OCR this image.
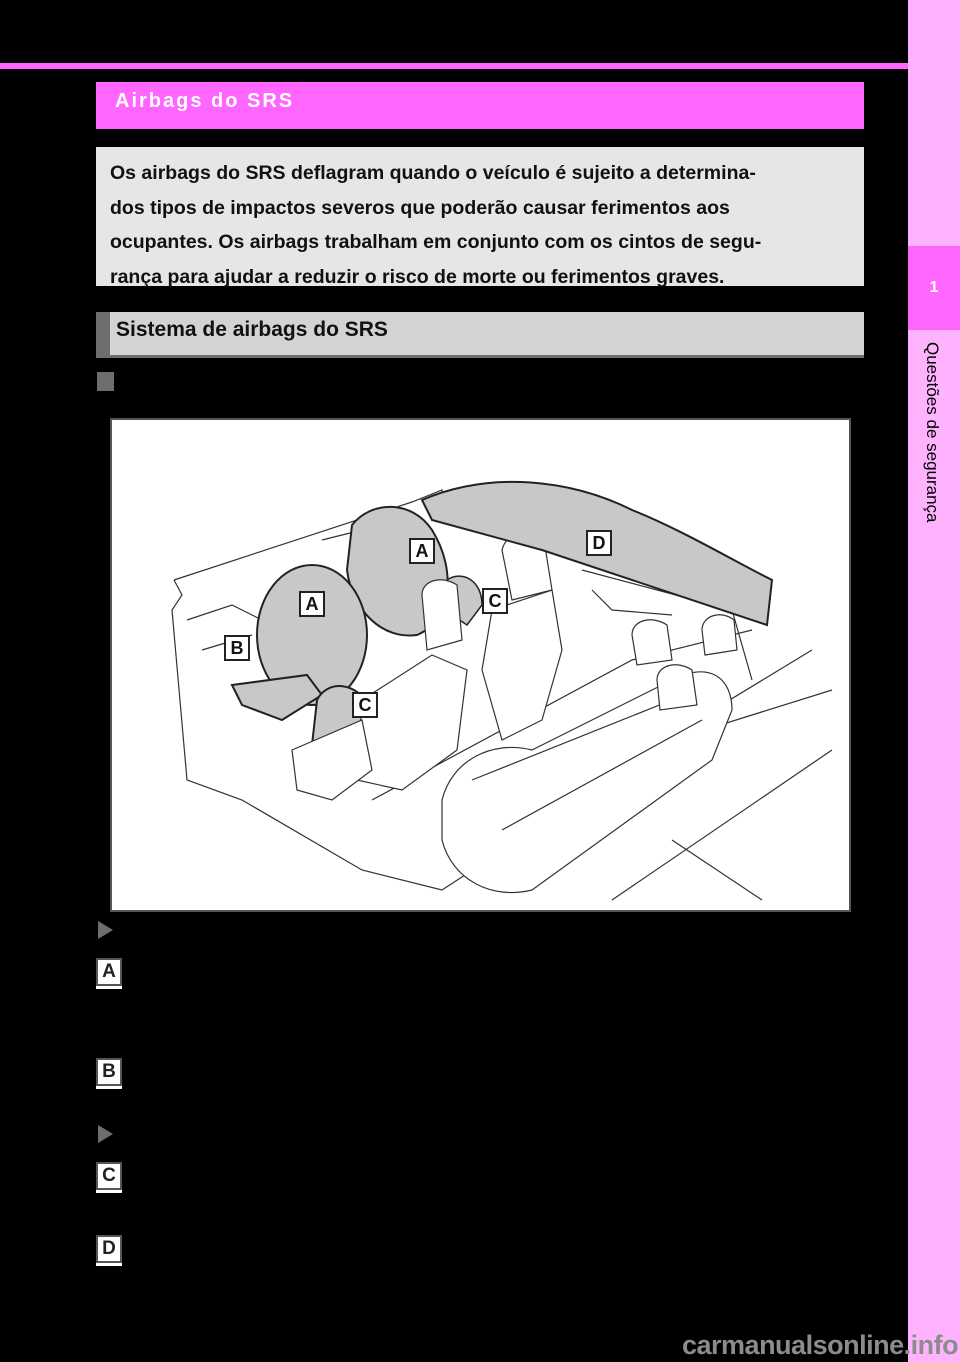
1
Questões de segurança
Airbags do SRS
Os airbags do SRS deflagram quando o veículo é sujeito a determina-
dos tipos de impactos severos que poderão causar ferimentos aos
ocupantes. Os airbags trabalham em conjunto com os cintos de segu-
rança para ajudar a reduzir o risco de morte ou ferimentos graves.
Sistema de airbags do SRS
A
A
B
C
C
D
A
B
C
D
carmanualsonline.info
